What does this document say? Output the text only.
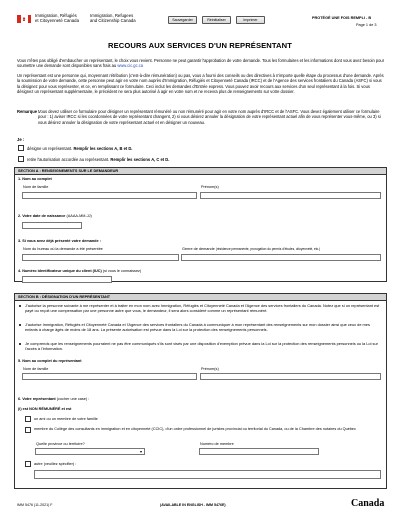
Immigration, Réfugiés
et Citoyenneté Canada
Immigration, Refugees
and Citizenship Canada	Sauvegarder	Réinitialiser	Imprimer	PROTÉGÉ UNE FOIS REMPLI - B
Page 1 de 3
RECOURS AUX SERVICES D'UN REPRÉSENTANT
Vous n'êtes pas obligé d'embaucher un représentant, le choix vous revient. Personne ne peut garantir l'approbation de votre demande. Tous les formulaires et les informations dont vous avez besoin pour soumettre une demande sont disponibles sans frais au www.cic.gc.ca
Un représentant est une personne qui, moyennant rétribution (c'est-à-dire rémunération) ou pas, vous a fourni des conseils ou des directives à n'importe quelle étape du processus d'une demande. Après la soumission de votre demande, cette personne peut agir en votre nom auprès d'Immigration, Réfugiés et Citoyenneté Canada (IRCC) et de l'Agence des services frontaliers du Canada (ASFC) si vous la désignez pour vous représenter, et ce, en remplissant ce formulaire. Ceci inclut les demandes d'Entrée express. Vous pouvez avoir recours aux services d'un seul représentant à la fois. Si vous désignez un représentant supplémentaire, le précédent ne sera plus autorisé à agir en votre nom et ne recevra plus de renseignements sur votre dossier.
Remarque :
Vous devez utiliser ce formulaire pour désigner un représentant rémunéré ou non rémunéré pour agir en votre nom auprès d'IRCC et de l'ASFC. Vous devez également utiliser ce formulaire pour : 1) aviser IRCC si les coordonnées de votre représentant changent, 2) si vous désirez annuler la désignation de votre représentant actuel afin de vous représenter vous-même, ou 3) si vous désirez annuler la désignation de votre représentant actuel et en désigner un nouveau.
Je :
désigne un représentant. Remplir les sections A, B et D.
retire l'autorisation accordée au représentant. Remplir les sections A, C et D.
SECTION A : RENSEIGNEMENTS SUR LE DEMANDEUR
1. Nom au complet
Nom de famille	Prénom(s)
2. Votre date de naissance (AAAA-MM-JJ)
3. Si vous avez déjà présenté votre demande :
Nom du bureau où la demande a été présentée	Genre de demande (résidence permanente, prorogation du permis d'études, citoyenneté, etc.)
4. Numéro identificateur unique du client (IUC) (si vous le connaissez)
SECTION B : DÉSIGNATION D'UN REPRÉSENTANT
J'autorise la personne suivante à me représenter et à traiter en mon nom avec Immigration, Réfugiés et Citoyenneté Canada et l'Agence des services frontaliers du Canada. Notez que si un représentant est payé ou reçoit une compensation par une personne autre que vous, le demandeur, il sera alors considéré comme un représentant rémunéré.
J'autorise Immigration, Réfugiés et Citoyenneté Canada et l'Agence des services frontaliers du Canada à communiquer à mon représentant des renseignements sur mon dossier ainsi que ceux de mes enfants à charge âgés de moins de 18 ans. La présente autorisation est prévue dans la Loi sur la protection des renseignements personnels.
Je comprends que les renseignements pourraient ne pas être communiqués s'ils sont visés par une disposition d'exemption prévue dans la Loi sur la protection des renseignements personnels ou la Loi sur l'accès à l'information.
5. Nom au complet du représentant
Nom de famille	Prénom(s)
6. Votre représentant (cocher une case) :
(i) est NON RÉMUNÉRÉ et est
un ami ou un membre de votre famille
membre du Collège des consultants en immigration et en citoyenneté (CCIC), d'un ordre professionnel de juristes provincial ou territorial du Canada, ou de la Chambre des notaires du Québec
Quelle province ou territoire?	Numéro de membre
▾
autre (veuillez spécifier) :
IMM 5476 (11-2021) F	(AVAILABLE IN ENGLISH - IMM 5476E)	Canada
